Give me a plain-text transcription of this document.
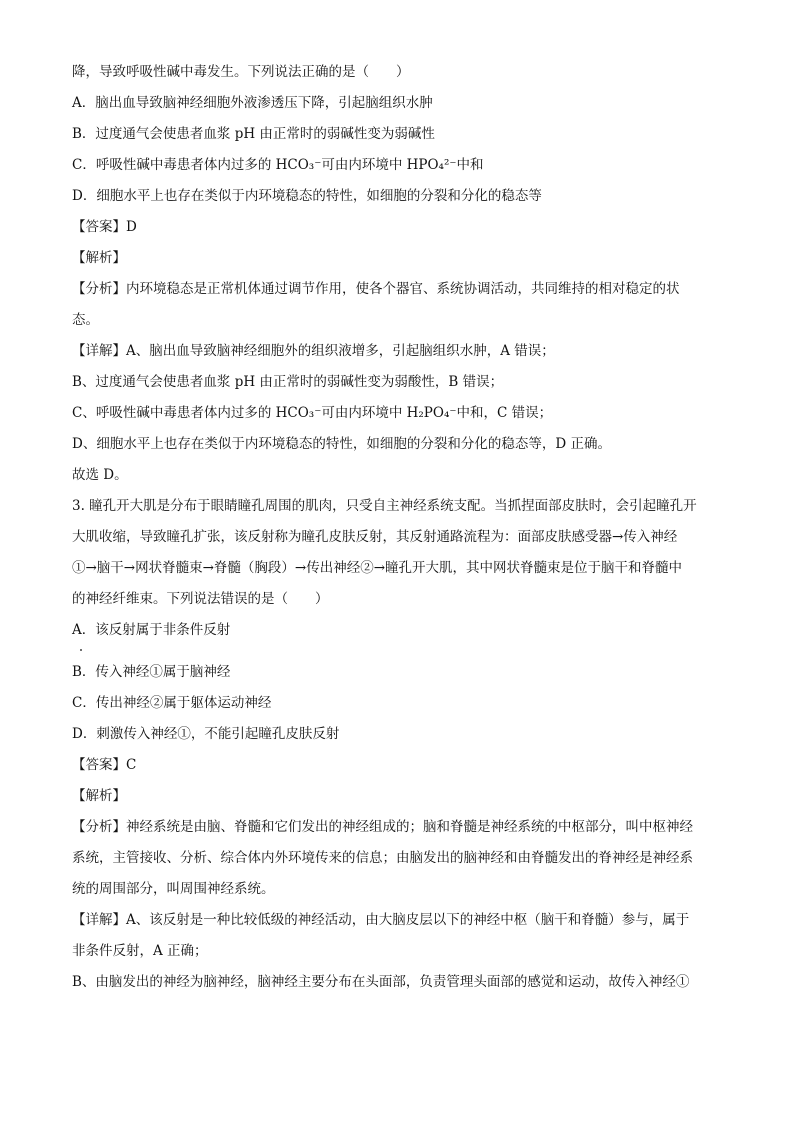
降，导致呼吸性碱中毒发生。下列说法正确的是（　　）
A．脑出血导致脑神经细胞外液渗透压下降，引起脑组织水肿
B．过度通气会使患者血浆 pH 由正常时的弱碱性变为弱碱性
C．呼吸性碱中毒患者体内过多的 HCO₃⁻可由内环境中 HPO₄²⁻中和
D．细胞水平上也存在类似于内环境稳态的特性，如细胞的分裂和分化的稳态等
【答案】D
【解析】
【分析】内环境稳态是正常机体通过调节作用，使各个器官、系统协调活动，共同维持的相对稳定的状
态。
【详解】A、脑出血导致脑神经细胞外的组织液增多，引起脑组织水肿，A 错误；
B、过度通气会使患者血浆 pH 由正常时的弱碱性变为弱酸性，B 错误；
C、呼吸性碱中毒患者体内过多的 HCO₃⁻可由内环境中 H₂PO₄⁻中和，C 错误；
D、细胞水平上也存在类似于内环境稳态的特性，如细胞的分裂和分化的稳态等，D 正确。
故选 D。
3. 瞳孔开大肌是分布于眼睛瞳孔周围的肌肉，只受自主神经系统支配。当抓捏面部皮肤时，会引起瞳孔开
大肌收缩，导致瞳孔扩张，该反射称为瞳孔皮肤反射，其反射通路流程为：面部皮肤感受器→传入神经
①→脑干→网状脊髓束→脊髓（胸段）→传出神经②→瞳孔开大肌，其中网状脊髓束是位于脑干和脊髓中
的神经纤维束。下列说法错误的是（　　）
A．该反射属于非条件反射
B．传入神经①属于脑神经
C．传出神经②属于躯体运动神经
D．刺激传入神经①，不能引起瞳孔皮肤反射
【答案】C
【解析】
【分析】神经系统是由脑、脊髓和它们发出的神经组成的；脑和脊髓是神经系统的中枢部分，叫中枢神经
系统，主管接收、分析、综合体内外环境传来的信息；由脑发出的脑神经和由脊髓发出的脊神经是神经系
统的周围部分，叫周围神经系统。
【详解】A、该反射是一种比较低级的神经活动，由大脑皮层以下的神经中枢（脑干和脊髓）参与，属于
非条件反射，A 正确；
B、由脑发出的神经为脑神经，脑神经主要分布在头面部，负责管理头面部的感觉和运动，故传入神经①
